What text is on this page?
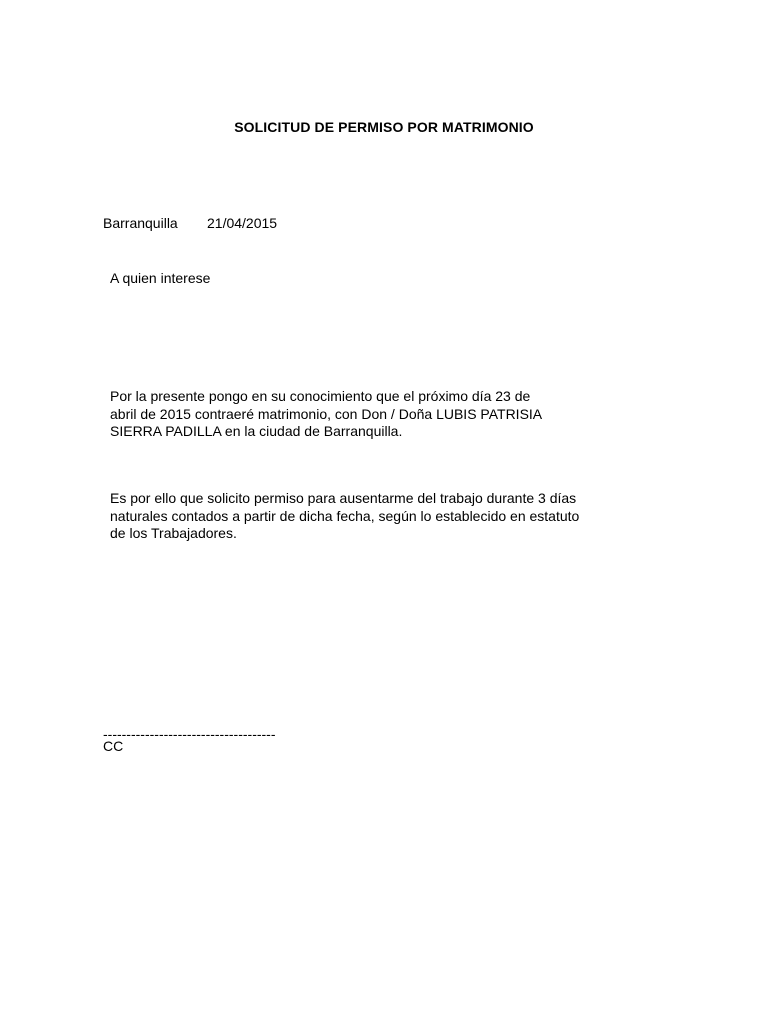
SOLICITUD DE PERMISO POR MATRIMONIO
Barranquilla 21/04/2015
A quien interese
Por la presente pongo en su conocimiento que el próximo día 23 de
abril de 2015 contraeré matrimonio, con Don / Doña LUBIS PATRISIA
SIERRA PADILLA en la ciudad de Barranquilla.
Es por ello que solicito permiso para ausentarme del trabajo durante 3 días
naturales contados a partir de dicha fecha, según lo establecido en estatuto
de los Trabajadores.
-------------------------------------
CC
